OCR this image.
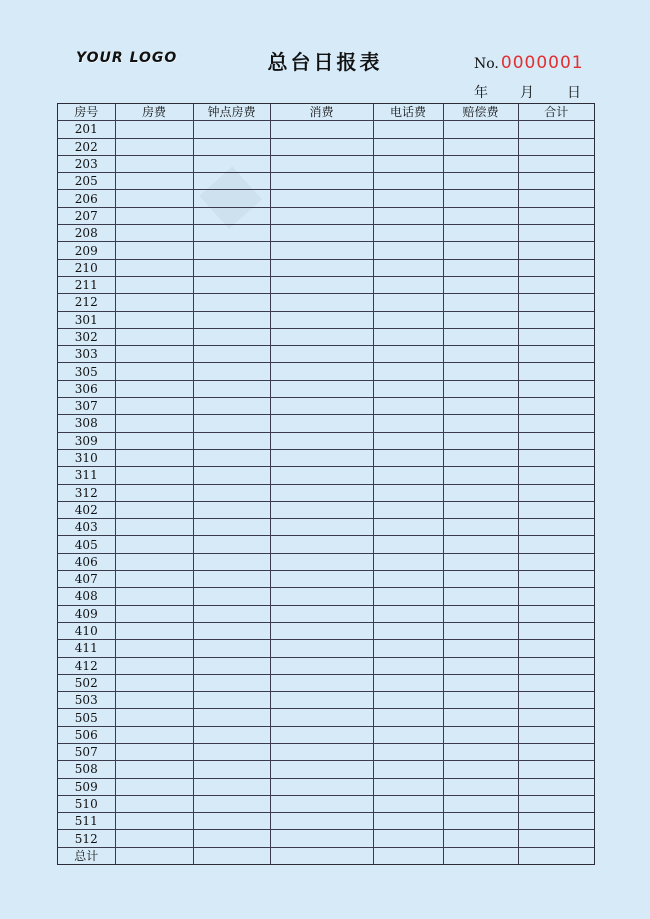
■
YOUR LOGO	总台日报表	No. 0000001
年 月 日
房号	房费	钟点房费	消费	电话费	赔偿费	合计
201						
202						
203						
205						
206						
207						
208						
209						
210						
211						
212						
301						
302						
303						
305						
306						
307						
308						
309						
310						
311						
312						
402						
403						
405						
406						
407						
408						
409						
410						
411						
412						
502						
503						
505						
506						
507						
508						
509						
510						
511						
512						
总计						
